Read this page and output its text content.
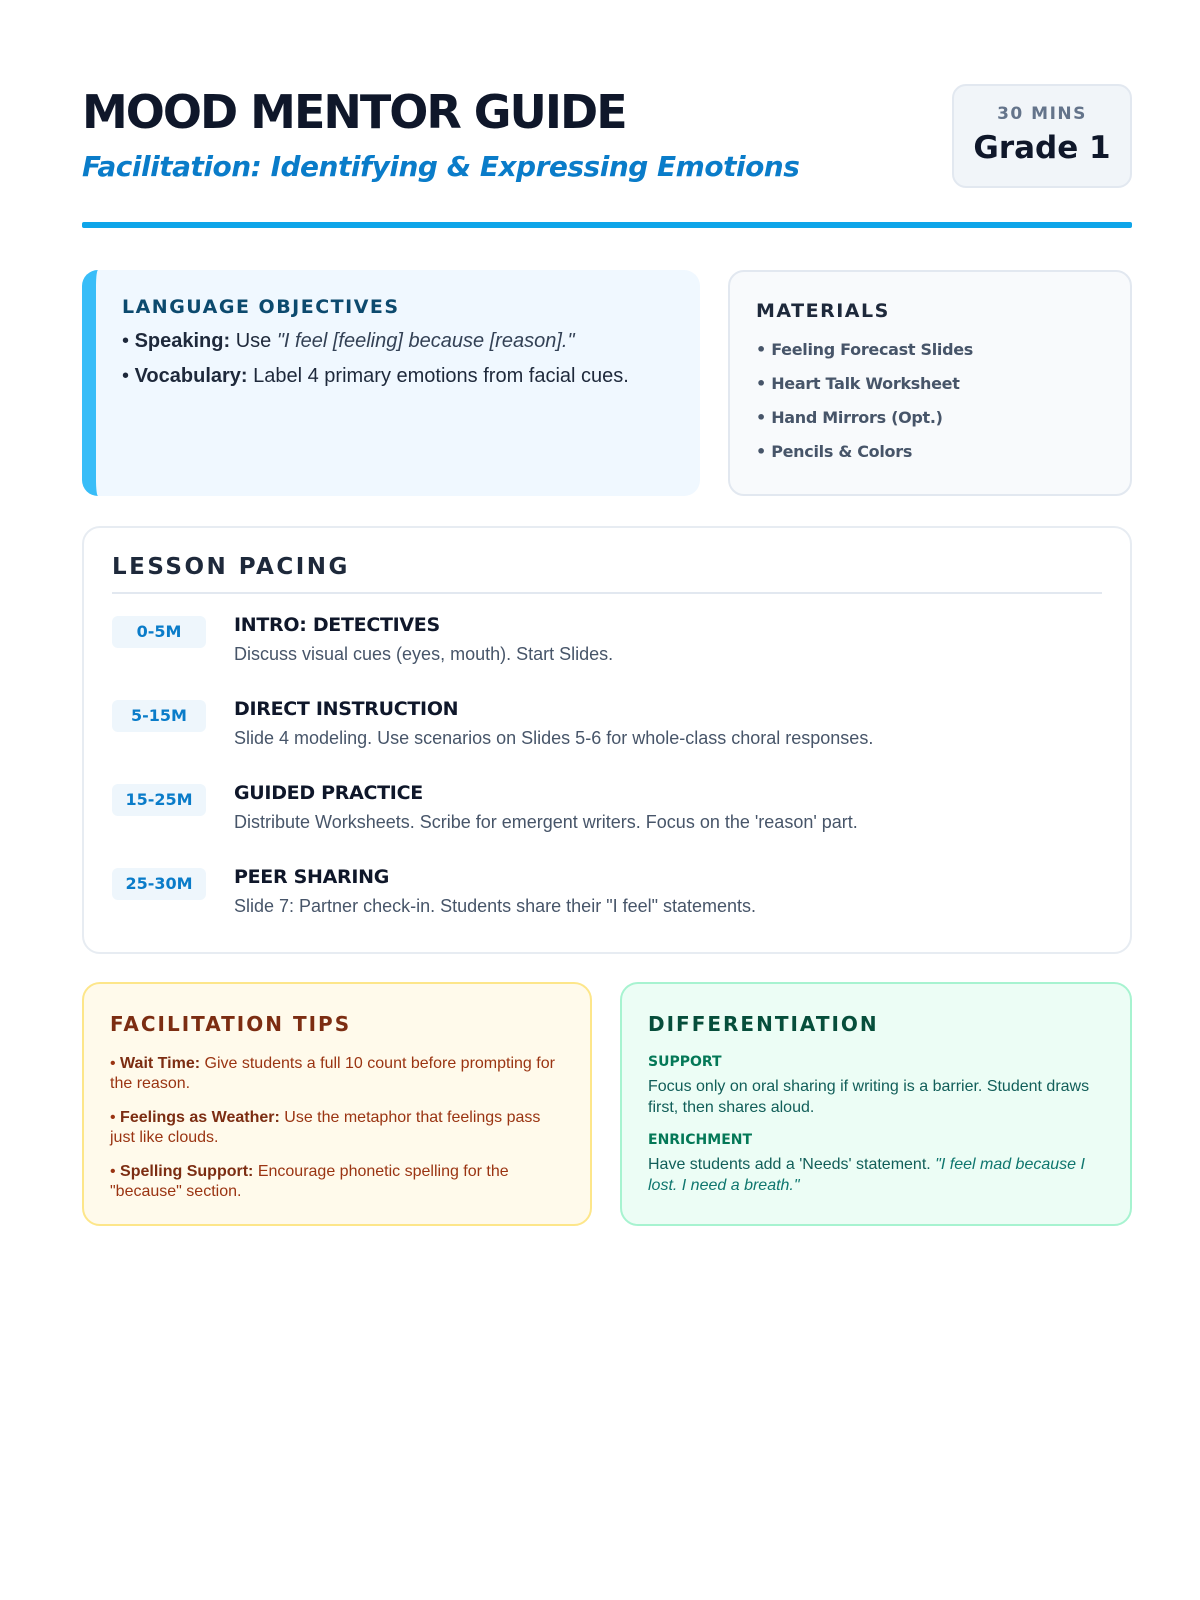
MOOD MENTOR GUIDE
Facilitation: Identifying & Expressing Emotions
30 MINS
Grade 1
LANGUAGE OBJECTIVES
• Speaking: Use "I feel [feeling] because [reason]."
• Vocabulary: Label 4 primary emotions from facial cues.
MATERIALS
• Feeling Forecast Slides
• Heart Talk Worksheet
• Hand Mirrors (Opt.)
• Pencils & Colors
LESSON PACING
0-5M	INTRO: DETECTIVES
Discuss visual cues (eyes, mouth). Start Slides.
5-15M	DIRECT INSTRUCTION
Slide 4 modeling. Use scenarios on Slides 5-6 for whole-class choral responses.
15-25M	GUIDED PRACTICE
Distribute Worksheets. Scribe for emergent writers. Focus on the 'reason' part.
25-30M	PEER SHARING
Slide 7: Partner check-in. Students share their "I feel" statements.
FACILITATION TIPS
• Wait Time: Give students a full 10 count before prompting for the reason.
• Feelings as Weather: Use the metaphor that feelings pass just like clouds.
• Spelling Support: Encourage phonetic spelling for the "because" section.
DIFFERENTIATION
SUPPORT
Focus only on oral sharing if writing is a barrier. Student draws first, then shares aloud.
ENRICHMENT
Have students add a 'Needs' statement. "I feel mad because I lost. I need a breath."
